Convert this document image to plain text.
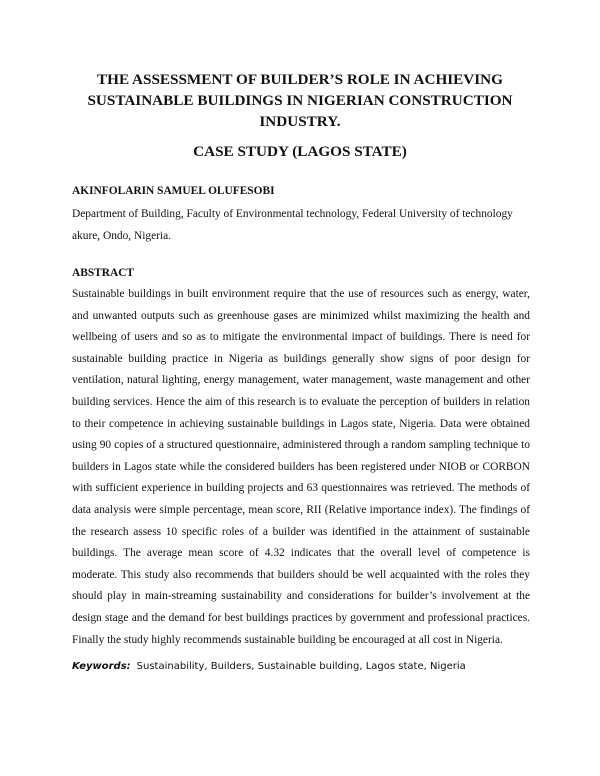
THE ASSESSMENT OF BUILDER’S ROLE IN ACHIEVING SUSTAINABLE BUILDINGS IN NIGERIAN CONSTRUCTION INDUSTRY.
CASE STUDY (LAGOS STATE)

AKINFOLARIN SAMUEL OLUFESOBI

Department of Building, Faculty of Environmental technology, Federal University of technology akure, Ondo, Nigeria.

ABSTRACT

Sustainable buildings in built environment require that the use of resources such as energy, water, and unwanted outputs such as greenhouse gases are minimized whilst maximizing the health and wellbeing of users and so as to mitigate the environmental impact of buildings. There is need for sustainable building practice in Nigeria as buildings generally show signs of poor design for ventilation, natural lighting, energy management, water management, waste management and other building services. Hence the aim of this research is to evaluate the perception of builders in relation to their competence in achieving sustainable buildings in Lagos state, Nigeria. Data were obtained using 90 copies of a structured questionnaire, administered through a random sampling technique to builders in Lagos state while the considered builders has been registered under NIOB or CORBON with sufficient experience in building projects and 63 questionnaires was retrieved. The methods of data analysis were simple percentage, mean score, RII (Relative importance index). The findings of the research assess 10 specific roles of a builder was identified in the attainment of sustainable buildings. The average mean score of 4.32 indicates that the overall level of competence is moderate. This study also recommends that builders should be well acquainted with the roles they should play in main-streaming sustainability and considerations for builder’s involvement at the design stage and the demand for best buildings practices by government and professional practices. Finally the study highly recommends sustainable building be encouraged at all cost in Nigeria.

Keywords: Sustainability, Builders, Sustainable building, Lagos state, Nigeria
